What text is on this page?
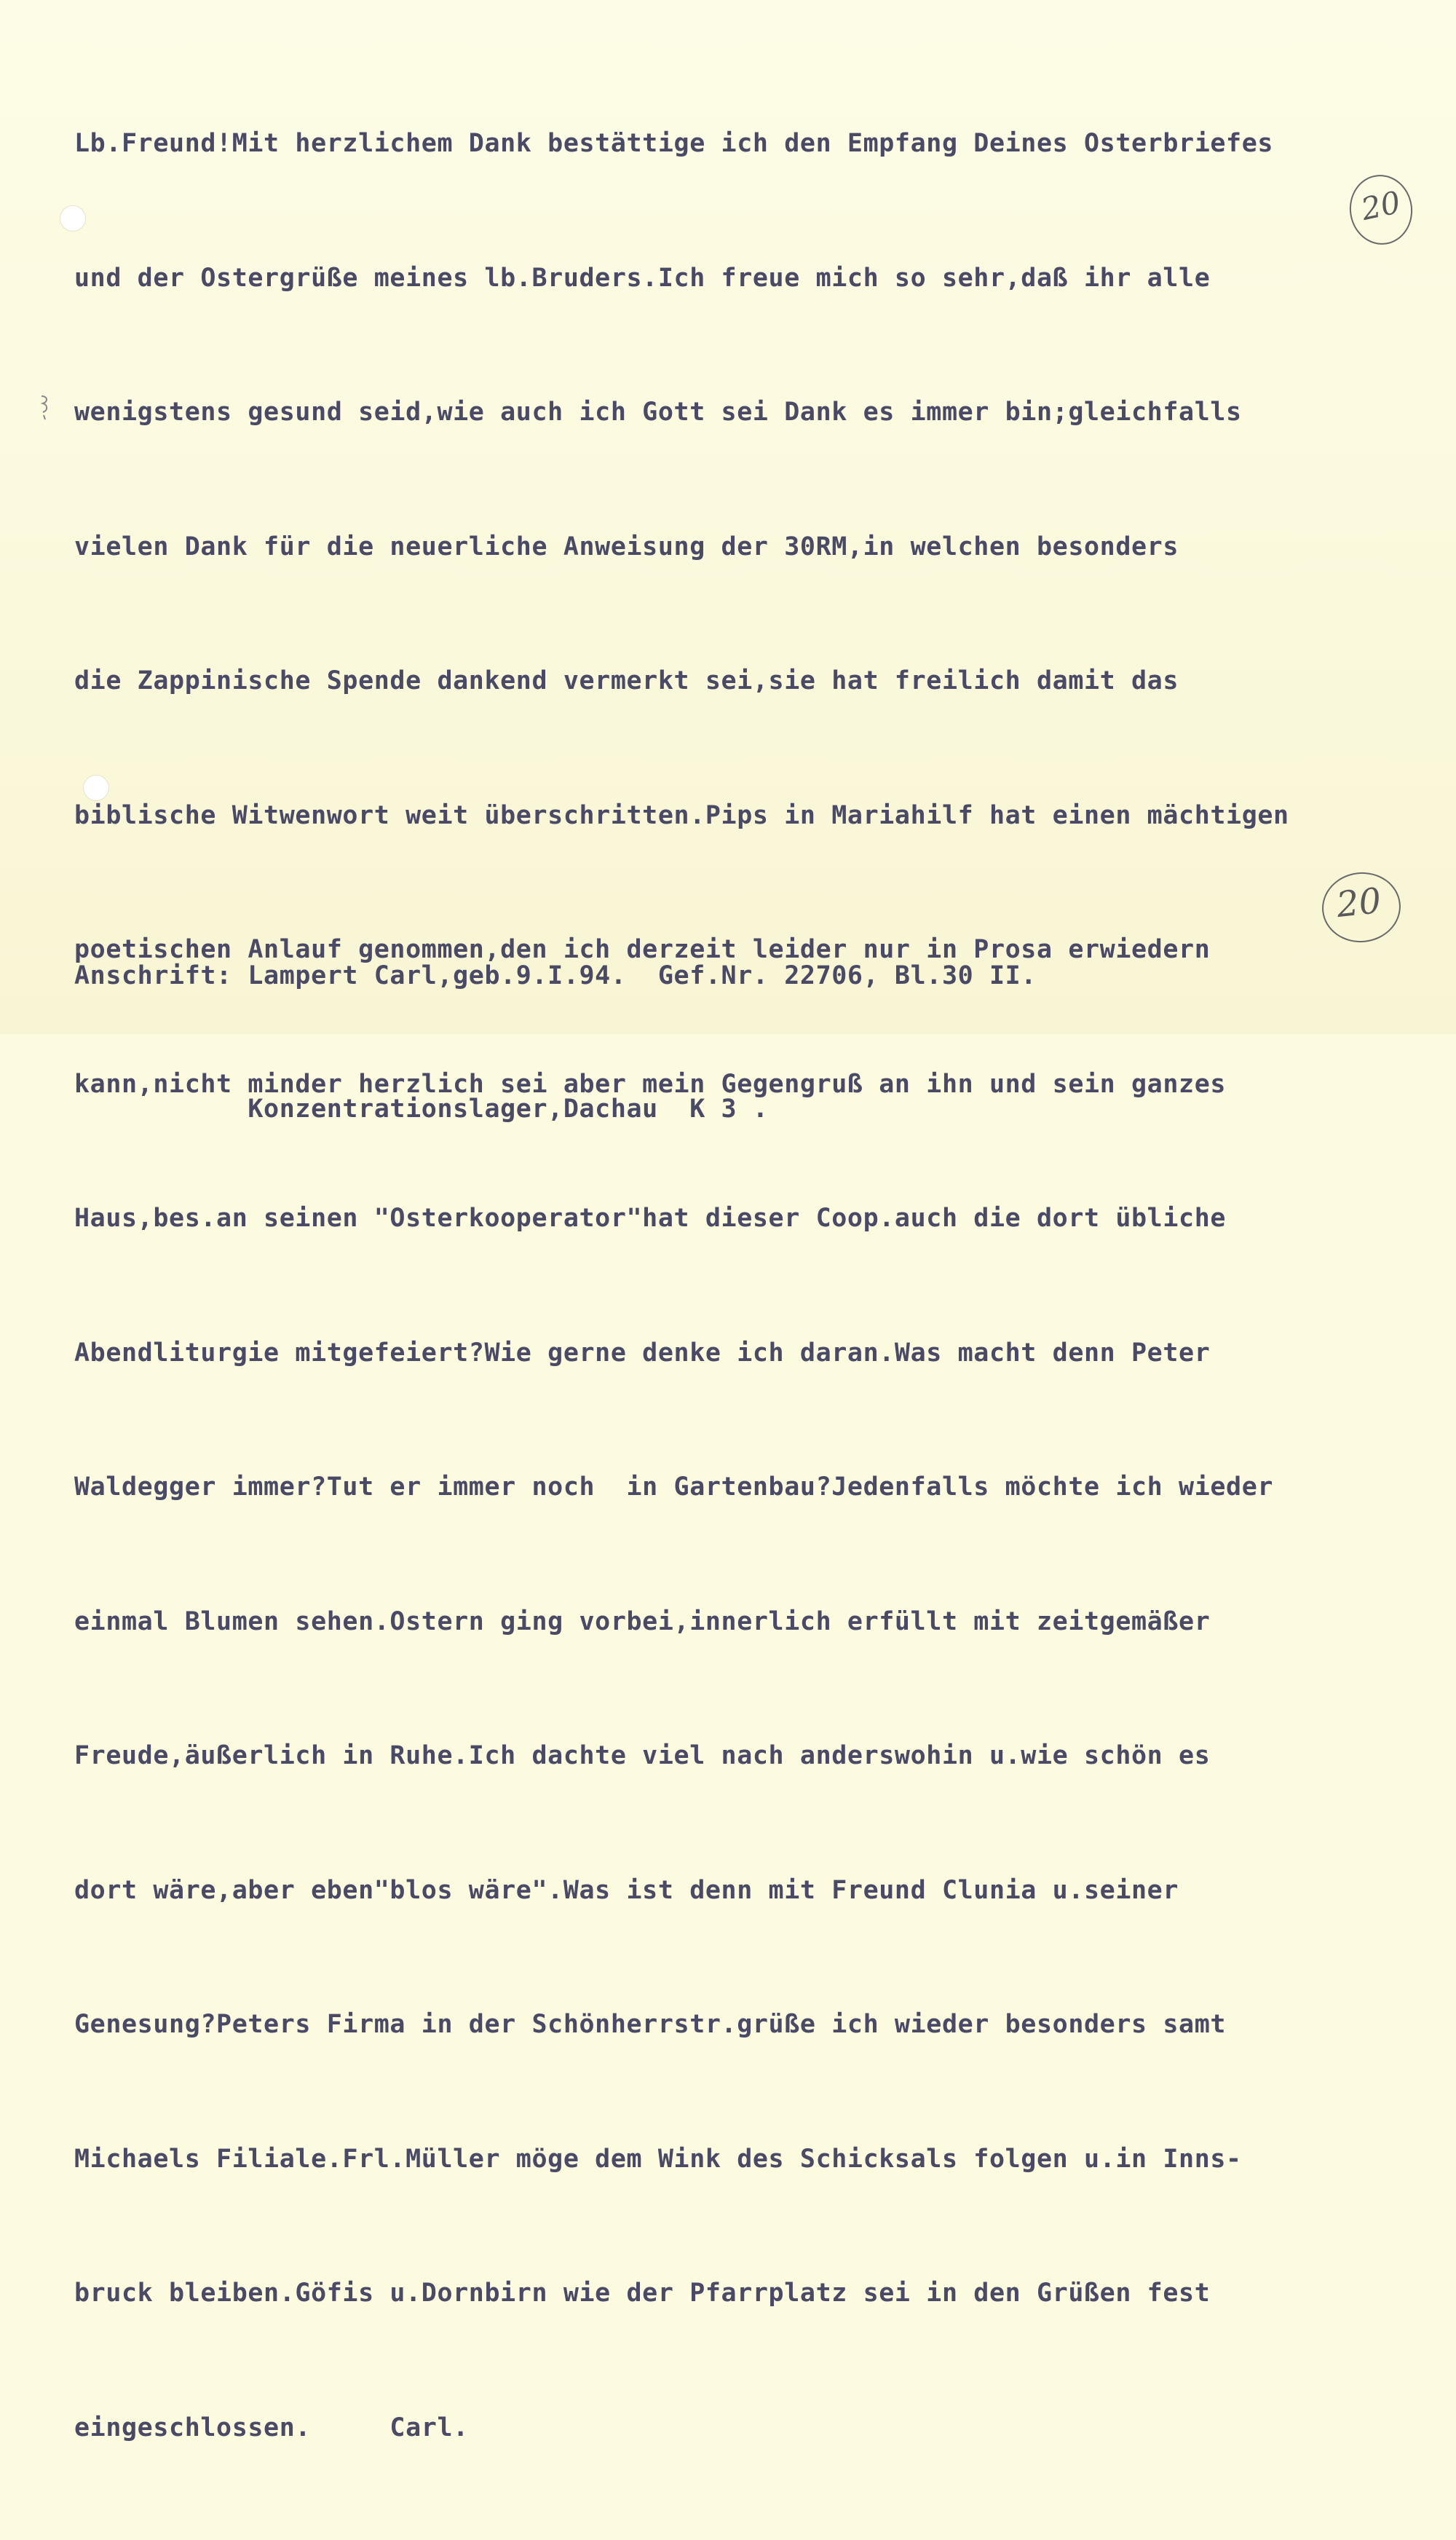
Lb.Freund!Mit herzlichem Dank bestättige ich den Empfang Deines Osterbriefes

und der Ostergrüße meines lb.Bruders.Ich freue mich so sehr,daß ihr alle

wenigstens gesund seid,wie auch ich Gott sei Dank es immer bin;gleichfalls

vielen Dank für die neuerliche Anweisung der 30RM,in welchen besonders

die Zappinische Spende dankend vermerkt sei,sie hat freilich damit das

biblische Witwenwort weit überschritten.Pips in Mariahilf hat einen mächtigen

poetischen Anlauf genommen,den ich derzeit leider nur in Prosa erwiedern

kann,nicht minder herzlich sei aber mein Gegengruß an ihn und sein ganzes

Haus,bes.an seinen "Osterkooperator"hat dieser Coop.auch die dort übliche

Abendliturgie mitgefeiert?Wie gerne denke ich daran.Was macht denn Peter

Waldegger immer?Tut er immer noch  in Gartenbau?Jedenfalls möchte ich wieder

einmal Blumen sehen.Ostern ging vorbei,innerlich erfüllt mit zeitgemäßer

Freude,äußerlich in Ruhe.Ich dachte viel nach anderswohin u.wie schön es

dort wäre,aber eben"blos wäre".Was ist denn mit Freund Clunia u.seiner

Genesung?Peters Firma in der Schönherrstr.grüße ich wieder besonders samt

Michaels Filiale.Frl.Müller möge dem Wink des Schicksals folgen u.in Inns-

bruck bleiben.Göfis u.Dornbirn wie der Pfarrplatz sei in den Grüßen fest

eingeschlossen.     Carl.

Anschrift: Lampert Carl,geb.9.I.94.  Gef.Nr. 22706, Bl.30 II.

Konzentrationslager,Dachau  K 3 .

20
20
